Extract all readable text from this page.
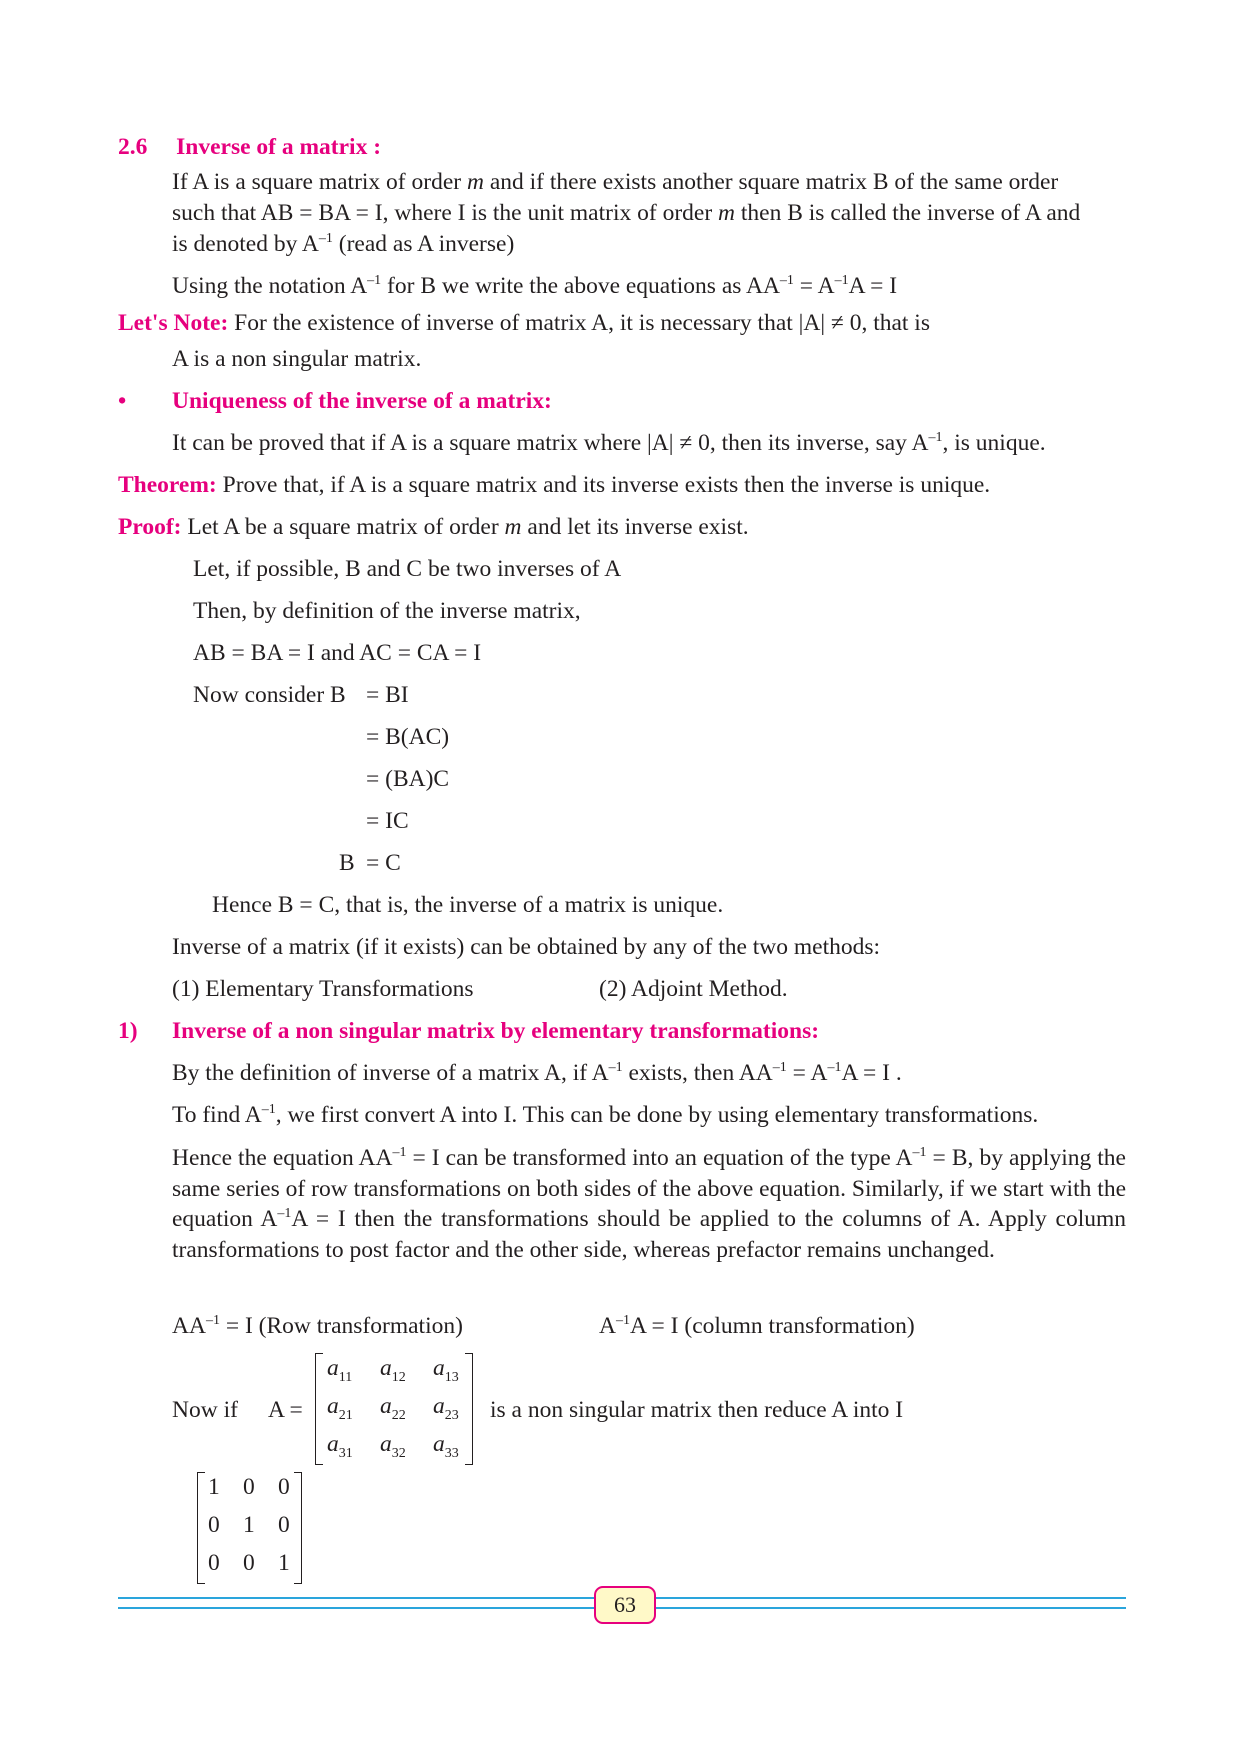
2.6 Inverse of a matrix :
If A is a square matrix of order m and if there exists another square matrix B of the same order
such that AB = BA = I, where I is the unit matrix of order m then B is called the inverse of A and
is denoted by $A^{-1}$ (read as A inverse)
Using the notation $A^{-1}$ for B we write the above equations as $AA^{-1} = A^{-1}A = I$
Let's Note: For the existence of inverse of matrix A, it is necessary that |A| ≠ 0, that is
A is a non singular matrix.
• Uniqueness of the inverse of a matrix:
It can be proved that if A is a square matrix where |A| ≠ 0, then its inverse, say $A^{-1}$, is unique.
Theorem: Prove that, if A is a square matrix and its inverse exists then the inverse is unique.
Proof: Let A be a square matrix of order m and let its inverse exist.
Let, if possible, B and C be two inverses of A
Then, by definition of the inverse matrix,
AB = BA = I and AC = CA = I
Now consider B = BI
= B(AC)
= (BA)C
= IC
B = C
Hence B = C, that is, the inverse of a matrix is unique.
Inverse of a matrix (if it exists) can be obtained by any of the two methods:
(1) Elementary Transformations	(2) Adjoint Method.
1) Inverse of a non singular matrix by elementary transformations:
By the definition of inverse of a matrix A, if $A^{-1}$ exists, then $AA^{-1} = A^{-1}A = I$ .
To find $A^{-1}$, we first convert A into I. This can be done by using elementary transformations.
Hence the equation $AA^{-1} = I$ can be transformed into an equation of the type $A^{-1} = B$, by applying the same series of row transformations on both sides of the above equation. Similarly, if we start with the equation $A^{-1}A = I$ then the transformations should be applied to the columns of A. Apply column transformations to post factor and the other side, whereas prefactor remains unchanged.
$AA^{-1} = I$ (Row transformation)	$A^{-1}A = I$ (column transformation)
Now if A =
$a_{11}$ $a_{12}$ $a_{13}$
$a_{21}$ $a_{22}$ $a_{23}$
$a_{31}$ $a_{32}$ $a_{33}$
is a non singular matrix then reduce A into I
1 0 0
0 1 0
0 0 1
63
